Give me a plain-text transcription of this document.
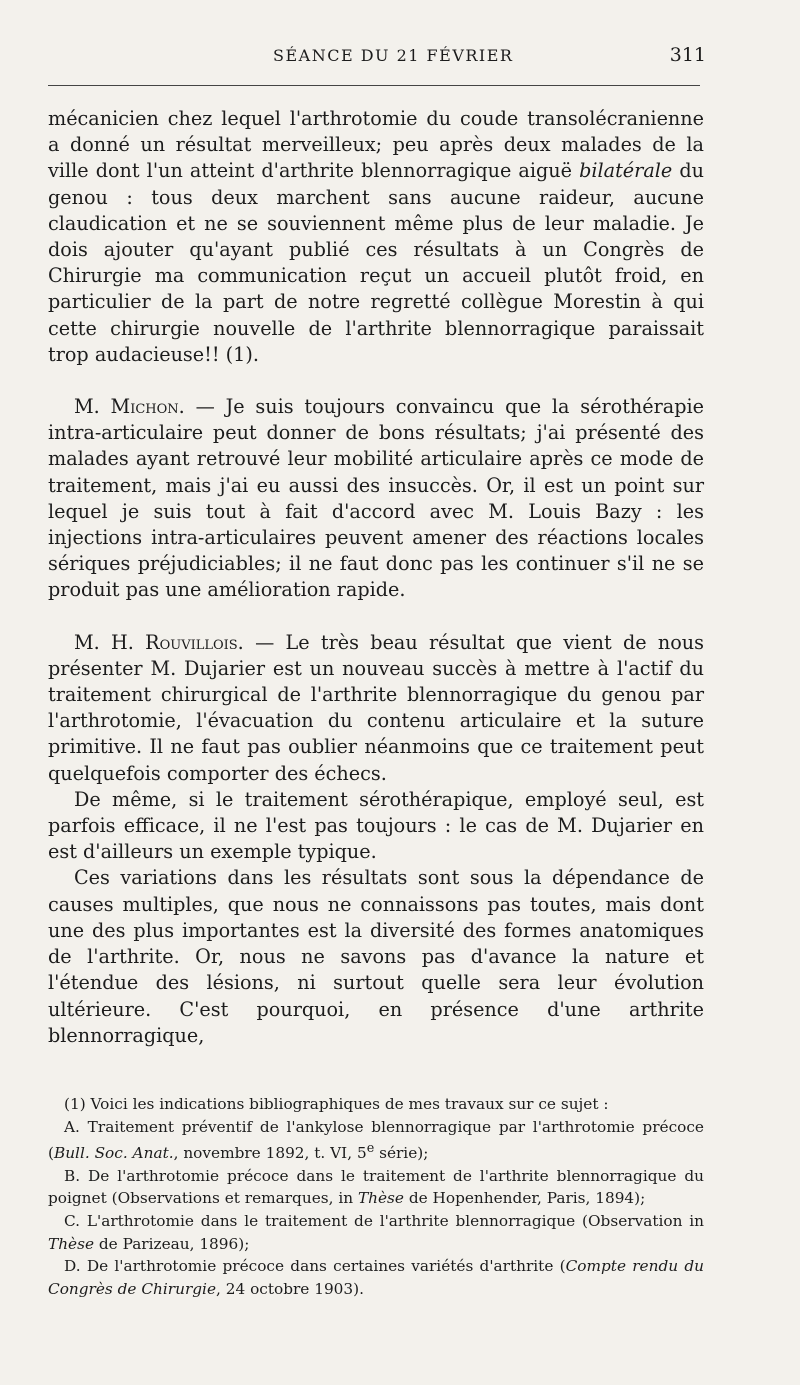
SÉANCE DU 21 FÉVRIER	311

mécanicien chez lequel l'arthrotomie du coude transolécranienne a donné un résultat merveilleux; peu après deux malades de la ville dont l'un atteint d'arthrite blennorragique aiguë bilatérale du genou : tous deux marchent sans aucune raideur, aucune claudication et ne se souviennent même plus de leur maladie. Je dois ajouter qu'ayant publié ces résultats à un Congrès de Chirurgie ma communication reçut un accueil plutôt froid, en particulier de la part de notre regretté collègue Morestin à qui cette chirurgie nouvelle de l'arthrite blennorragique paraissait trop audacieuse!! (1).

M. Michon. — Je suis toujours convaincu que la sérothérapie intra-articulaire peut donner de bons résultats; j'ai présenté des malades ayant retrouvé leur mobilité articulaire après ce mode de traitement, mais j'ai eu aussi des insuccès. Or, il est un point sur lequel je suis tout à fait d'accord avec M. Louis Bazy : les injections intra-articulaires peuvent amener des réactions locales sériques préjudiciables; il ne faut donc pas les continuer s'il ne se produit pas une amélioration rapide.

M. H. Rouvillois. — Le très beau résultat que vient de nous présenter M. Dujarier est un nouveau succès à mettre à l'actif du traitement chirurgical de l'arthrite blennorragique du genou par l'arthrotomie, l'évacuation du contenu articulaire et la suture primitive. Il ne faut pas oublier néanmoins que ce traitement peut quelquefois comporter des échecs.

De même, si le traitement sérothérapique, employé seul, est parfois efficace, il ne l'est pas toujours : le cas de M. Dujarier en est d'ailleurs un exemple typique.

Ces variations dans les résultats sont sous la dépendance de causes multiples, que nous ne connaissons pas toutes, mais dont une des plus importantes est la diversité des formes anatomiques de l'arthrite. Or, nous ne savons pas d'avance la nature et l'étendue des lésions, ni surtout quelle sera leur évolution ultérieure. C'est pourquoi, en présence d'une arthrite blennorragique,

(1) Voici les indications bibliographiques de mes travaux sur ce sujet :

A. Traitement préventif de l'ankylose blennorragique par l'arthrotomie précoce (Bull. Soc. Anat., novembre 1892, t. VI, 5e série);

B. De l'arthrotomie précoce dans le traitement de l'arthrite blennorragique du poignet (Observations et remarques, in Thèse de Hopenhender, Paris, 1894);

C. L'arthrotomie dans le traitement de l'arthrite blennorragique (Observation in Thèse de Parizeau, 1896);

D. De l'arthrotomie précoce dans certaines variétés d'arthrite (Compte rendu du Congrès de Chirurgie, 24 octobre 1903).
